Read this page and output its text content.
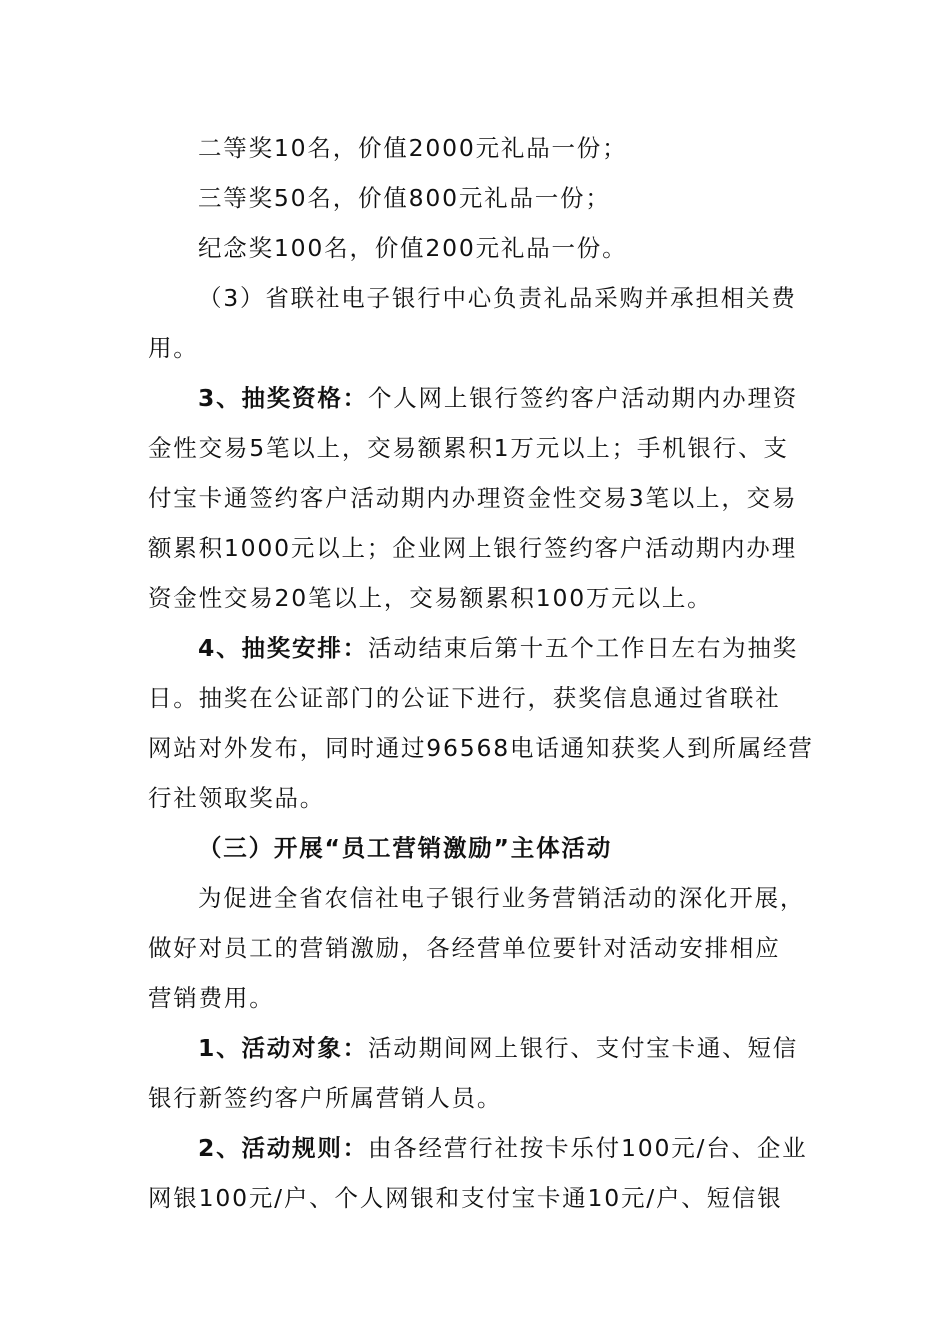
二等奖10名，价值2000元礼品一份；
三等奖50名，价值800元礼品一份；
纪念奖100名，价值200元礼品一份。
（3）省联社电子银行中心负责礼品采购并承担相关费
用。
3、抽奖资格：个人网上银行签约客户活动期内办理资
金性交易5笔以上，交易额累积1万元以上；手机银行、支
付宝卡通签约客户活动期内办理资金性交易3笔以上，交易
额累积1000元以上；企业网上银行签约客户活动期内办理
资金性交易20笔以上，交易额累积100万元以上。
4、抽奖安排：活动结束后第十五个工作日左右为抽奖
日。抽奖在公证部门的公证下进行，获奖信息通过省联社
网站对外发布，同时通过96568电话通知获奖人到所属经营
行社领取奖品。
（三）开展“员工营销激励”主体活动
为促进全省农信社电子银行业务营销活动的深化开展，
做好对员工的营销激励，各经营单位要针对活动安排相应
营销费用。
1、活动对象：活动期间网上银行、支付宝卡通、短信
银行新签约客户所属营销人员。
2、活动规则：由各经营行社按卡乐付100元/台、企业
网银100元/户、个人网银和支付宝卡通10元/户、短信银
